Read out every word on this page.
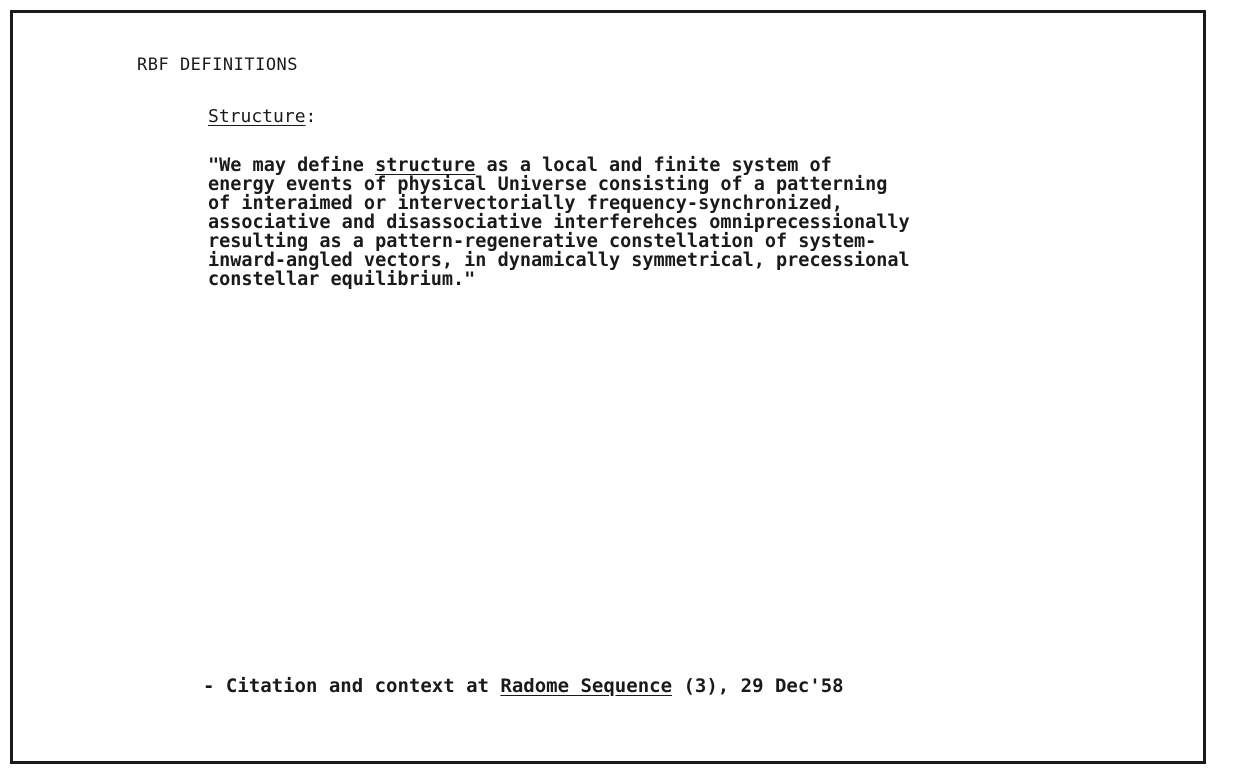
RBF DEFINITIONS

Structure:

"We may define structure as a local and finite system of
energy events of physical Universe consisting of a patterning
of interaimed or intervectorially frequency-synchronized,
associative and disassociative interferehces omniprecessionally
resulting as a pattern-regenerative constellation of system-
inward-angled vectors, in dynamically symmetrical, precessional
constellar equilibrium."

- Citation and context at Radome Sequence (3), 29 Dec'58
